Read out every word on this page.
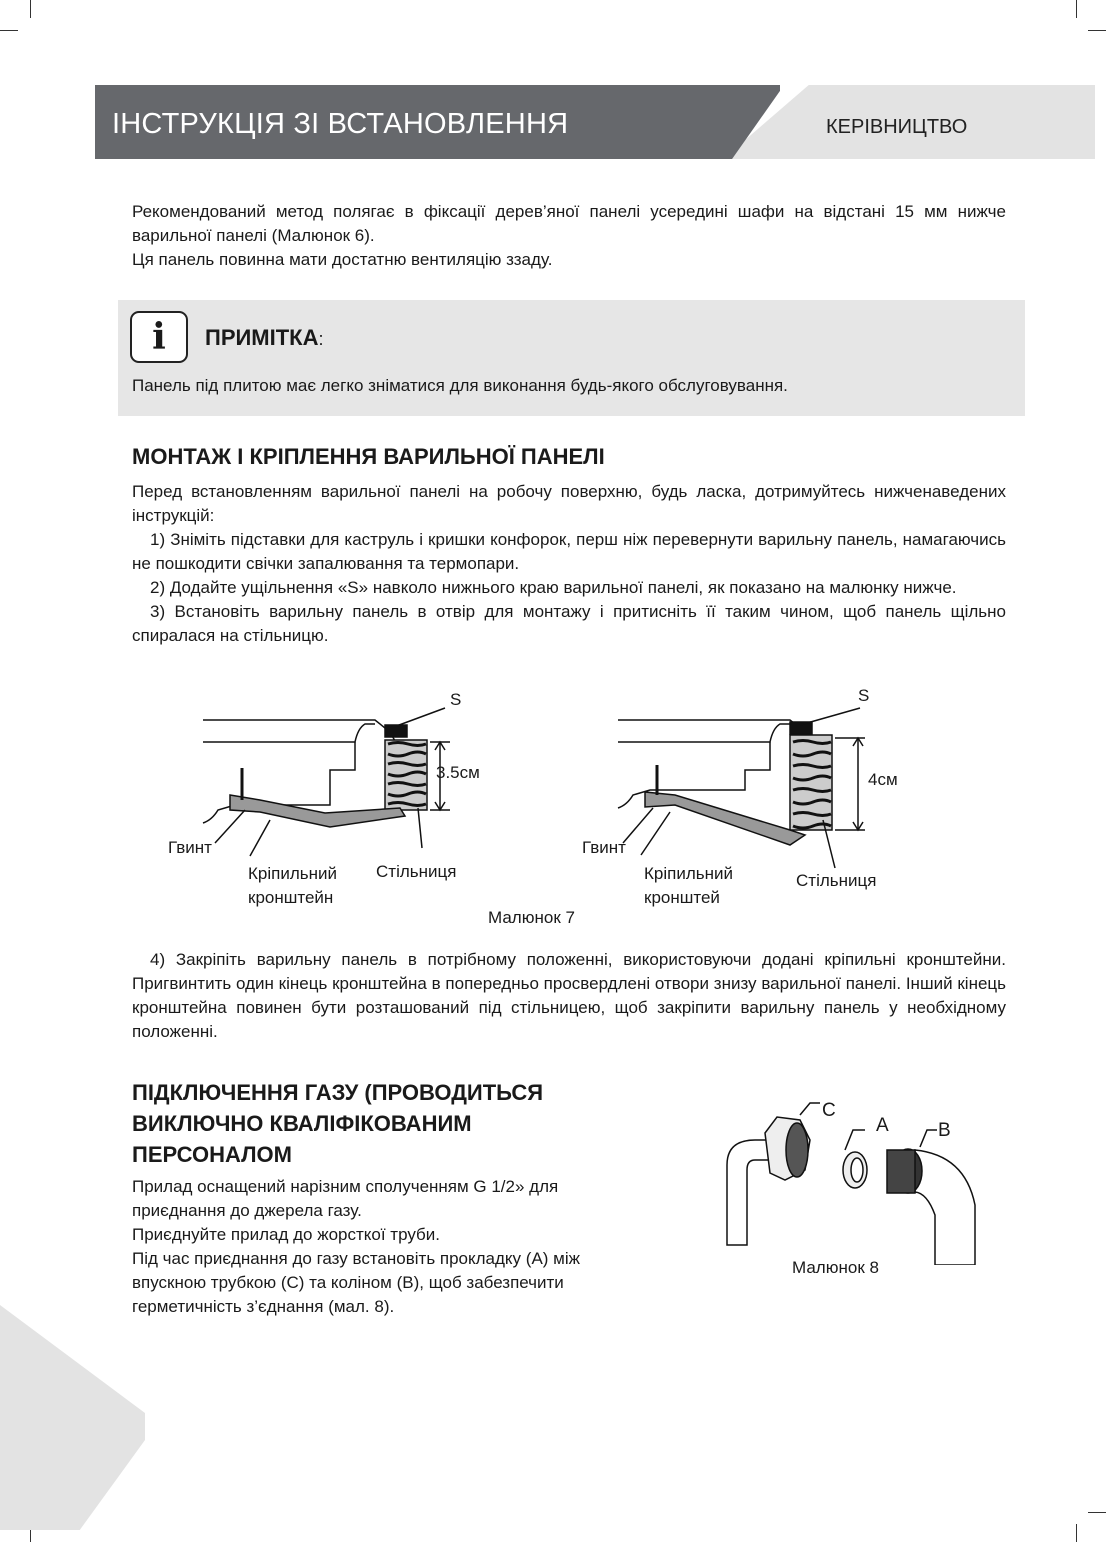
ІНСТРУКЦІЯ ЗІ ВСТАНОВЛЕННЯ	КЕРІВНИЦТВО
Рекомендований метод полягає в фіксації дерев’яної панелі усередині шафи на відстані 15 мм нижче варильної панелі (Малюнок 6).
Ця панель повинна мати достатню вентиляцію ззаду.
i	ПРИМІТКА:
Панель під плитою має легко зніматися для виконання будь-якого обслуговування.
МОНТАЖ І КРІПЛЕННЯ ВАРИЛЬНОЇ ПАНЕЛІ
Перед встановленням варильної панелі на робочу поверхню, будь ласка, дотримуйтесь нижченаведених інструкцій:
1) Зніміть підставки для каструль і кришки конфорок, перш ніж перевернути варильну панель, намагаючись не пошкодити свічки запалювання та термопари.
2) Додайте ущільнення «S» навколо нижнього краю варильної панелі, як показано на малюнку нижче.
3) Встановіть варильну панель в отвір для монтажу і притисніть її таким чином, щоб панель щільно спиралася на стільницю.
S
3.5см
Гвинт
Кріпильний
кронштейн
Стільниця
S
4см
Гвинт
Кріпильний
кронштей
Стільниця
Малюнок 7
4) Закріпіть варильну панель в потрібному положенні, використовуючи додані кріпильні кронштейни. Пригвинтить один кінець кронштейна в попередньо просвердлені отвори знизу варильної панелі. Інший кінець кронштейна повинен бути розташований під стільницею, щоб закріпити варильну панель у необхідному положенні.
ПІДКЛЮЧЕННЯ ГАЗУ (ПРОВОДИТЬСЯ
ВИКЛЮЧНО КВАЛІФІКОВАНИМ
ПЕРСОНАЛОМ
Прилад оснащений нарізним сполученням G 1/2» для
приєднання до джерела газу.
Приєднуйте прилад до жорсткої труби.
Під час приєднання до газу встановіть прокладку (А) між
впускною трубкою (С) та коліном (В), щоб забезпечити
герметичність з’єднання (мал. 8).
C
A	B
Малюнок 8
